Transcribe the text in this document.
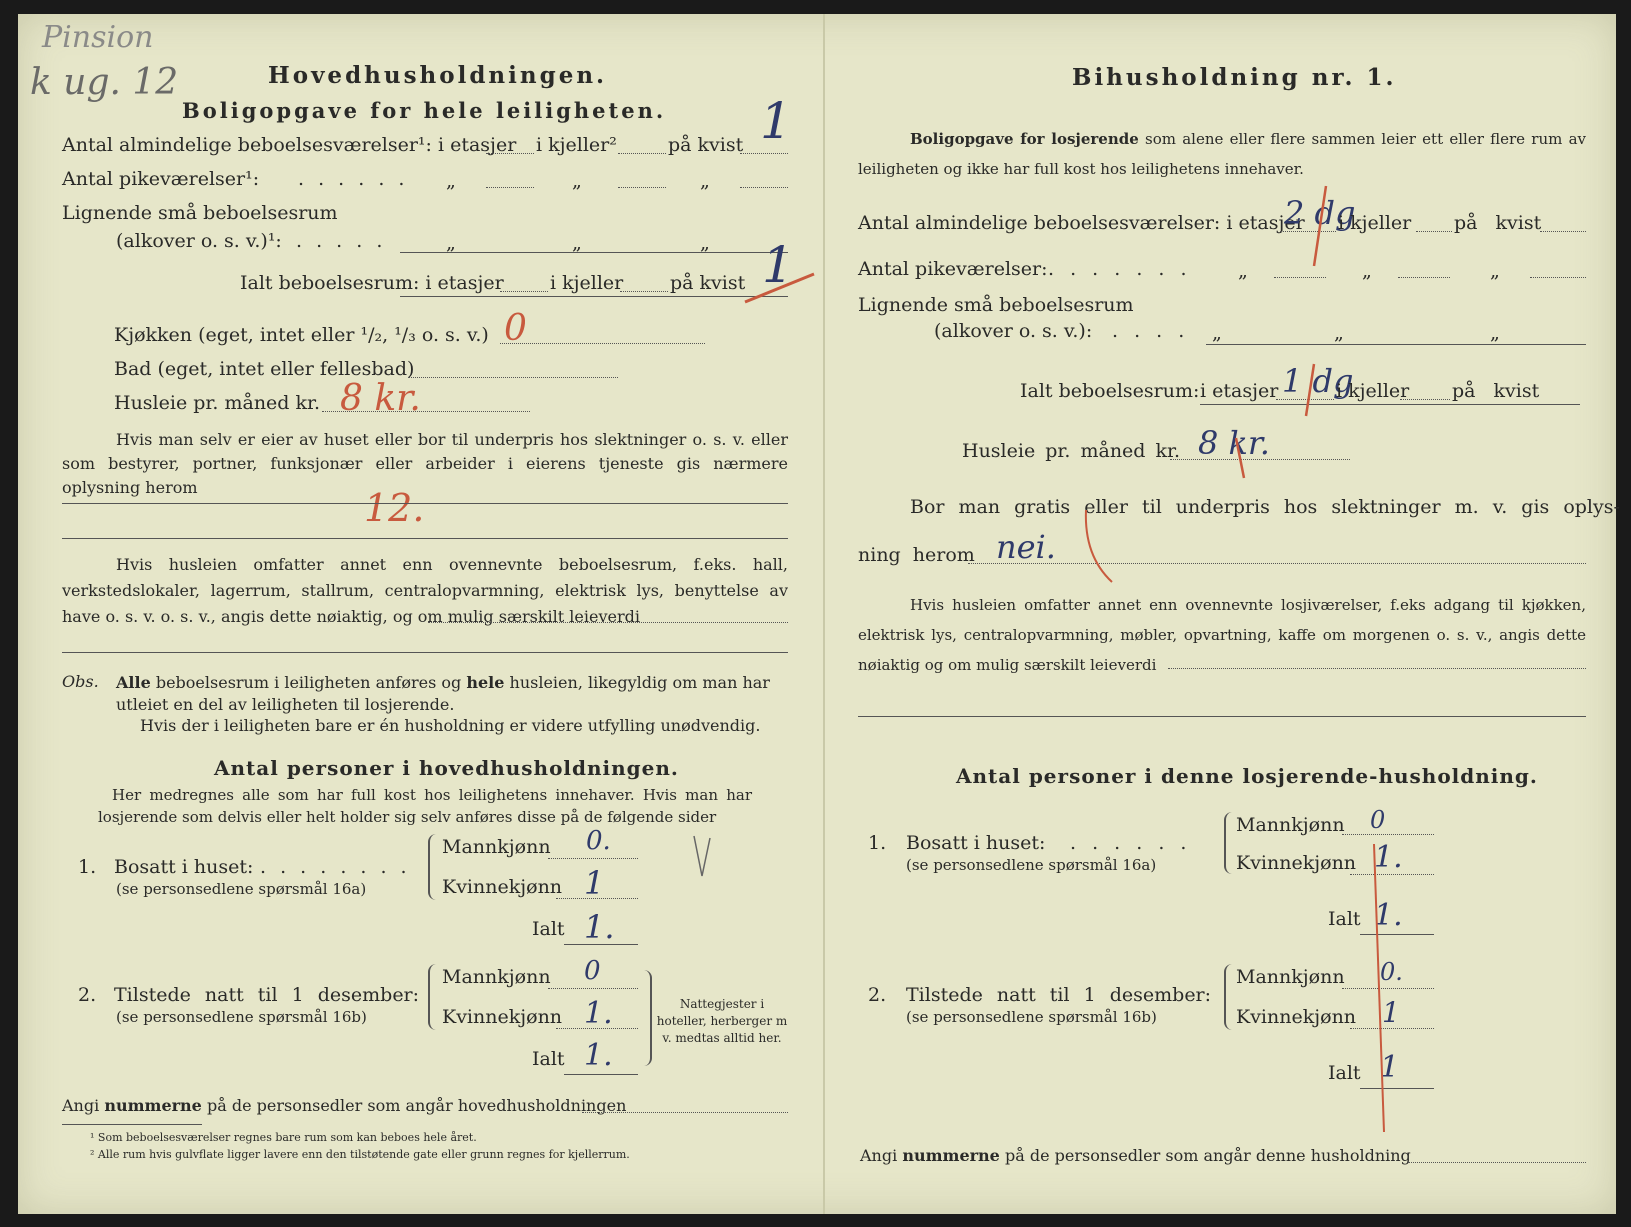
Pinsion
k ug. 12	Hovedhusholdningen.
Boligopgave for hele leiligheten.
Antal almindelige beboelsesværelser¹: i etasjer i kjeller²	på kvist 1
Antal pikeværelser¹: . . . . . . „	„	„
Lignende små beboelsesrum
(alkover o. s. v.)¹: . . . . .	„	„	„
Ialt beboelsesrum: i etasjer i kjeller på kvist 1
Kjøkken (eget, intet eller ¹/₂, ¹/₃ o. s. v.) 0
Bad (eget, intet eller fellesbad)
Husleie pr. måned kr. 8 kr.
Hvis man selv er eier av huset eller bor til underpris hos slektninger o. s. v. eller som bestyrer, portner, funksjonær eller arbeider i eierens tjeneste gis nærmere oplysning herom	12.
Hvis husleien omfatter annet enn ovennevnte beboelsesrum, f.eks. hall, verkstedslokaler, lagerrum, stallrum, centralopvarmning, elektrisk lys, benyttelse av have o. s. v. o. s. v., angis dette nøiaktig, og om mulig særskilt leieverdi
Obs. Alle beboelsesrum i leiligheten anføres og hele husleien, likegyldig om man har utleiet en del av leiligheten til losjerende.
Hvis der i leiligheten bare er én husholdning er videre utfylling unødvendig.
Antal personer i hovedhusholdningen.
Her medregnes alle som har full kost hos leilighetens innehaver. Hvis man har losjerende som delvis eller helt holder sig selv anføres disse på de følgende sider
1. Bosatt i huset: . . . . . . . .
(se personsedlene spørsmål 16a)
Mannkjønn 0.
Kvinnekjønn 1
Ialt 1.
2. Tilstede natt til 1 desember:
(se personsedlene spørsmål 16b)
Mannkjønn 0
Kvinnekjønn 1.
Ialt 1.
Nattegjester i hoteller, herberger m v. medtas alltid her.
Angi nummerne på de personsedler som angår hovedhusholdningen
¹ Som beboelsesværelser regnes bare rum som kan beboes hele året.
² Alle rum hvis gulvflate ligger lavere enn den tilstøtende gate eller grunn regnes for kjellerrum.
Bihusholdning nr. 1.
Boligopgave for losjerende som alene eller flere sammen leier ett eller flere rum av leiligheten og ikke har full kost hos leilighetens innehaver.
Antal almindelige beboelsesværelser: i etasjer
2 dg
i kjeller på kvist
Antal pikeværelser: . . . . . . . „	„	„
Lignende små beboelsesrum
(alkover o. s. v.): . . . . „	„	„
Ialt beboelsesrum: i etasjer 1 dg
i kjeller på kvist
Husleie pr. måned kr. 8 kr.
Bor man gratis eller til underpris hos slektninger m. v. gis oplys-
ning herom nei.
Hvis husleien omfatter annet enn ovennevnte losjiværelser, f.eks adgang til kjøkken, elektrisk lys, centralopvarmning, møbler, opvartning, kaffe om morgenen o. s. v., angis dette nøiaktig og om mulig særskilt leieverdi
Antal personer i denne losjerende-husholdning.
1. Bosatt i huset: . . . . . .
(se personsedlene spørsmål 16a)
Mannkjønn 0
Kvinnekjønn 1.
Ialt 1.
2. Tilstede natt til 1 desember:
(se personsedlene spørsmål 16b)
Mannkjønn 0.
Kvinnekjønn 1
Ialt 1
Angi nummerne på de personsedler som angår denne husholdning
